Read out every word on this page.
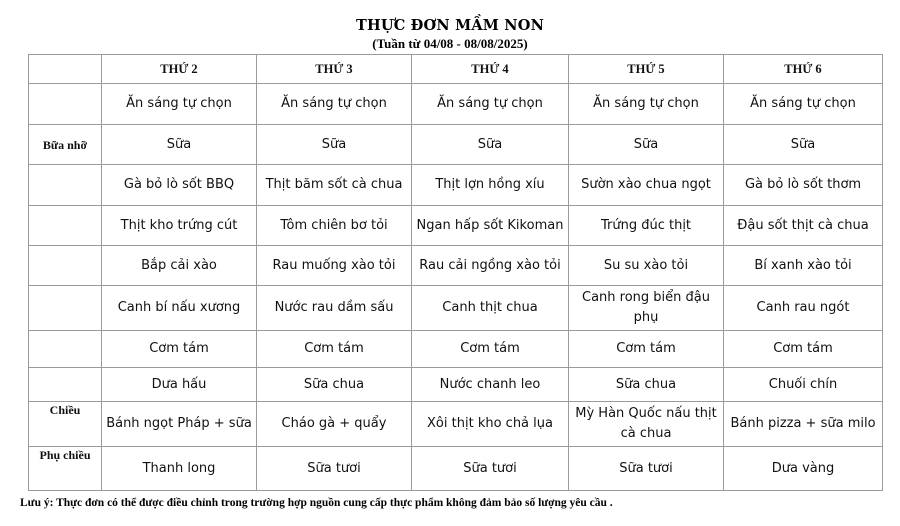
THỰC ĐƠN MẦM NON
(Tuần từ 04/08 - 08/08/2025)
	THỨ 2	THỨ 3	THỨ 4	THỨ 5	THỨ 6
	Ăn sáng tự chọn	Ăn sáng tự chọn	Ăn sáng tự chọn	Ăn sáng tự chọn	Ăn sáng tự chọn
Bữa nhỡ	Sữa	Sữa	Sữa	Sữa	Sữa
	Gà bỏ lò sốt BBQ	Thịt băm sốt cà chua	Thịt lợn hồng xíu	Sườn xào chua ngọt	Gà bỏ lò sốt thơm
	Thịt kho trứng cút	Tôm chiên bơ tỏi	Ngan hấp sốt Kikoman	Trứng đúc thịt	Đậu sốt thịt cà chua
	Bắp cải xào	Rau muống xào tỏi	Rau cải ngồng xào tỏi	Su su xào tỏi	Bí xanh xào tỏi
	Canh bí nấu xương	Nước rau dầm sấu	Canh thịt chua	Canh rong biển đậu phụ	Canh rau ngót
	Cơm tám	Cơm tám	Cơm tám	Cơm tám	Cơm tám
	Dưa hấu	Sữa chua	Nước chanh leo	Sữa chua	Chuối chín
Chiều	Bánh ngọt Pháp + sữa	Cháo gà + quẩy	Xôi thịt kho chả lụa	Mỳ Hàn Quốc nấu thịt cà chua	Bánh pizza + sữa milo
Phụ chiều	Thanh long	Sữa tươi	Sữa tươi	Sữa tươi	Dưa vàng
Lưu ý: Thực đơn có thể được điều chỉnh trong trường hợp nguồn cung cấp thực phẩm không đảm bảo số lượng yêu cầu .
